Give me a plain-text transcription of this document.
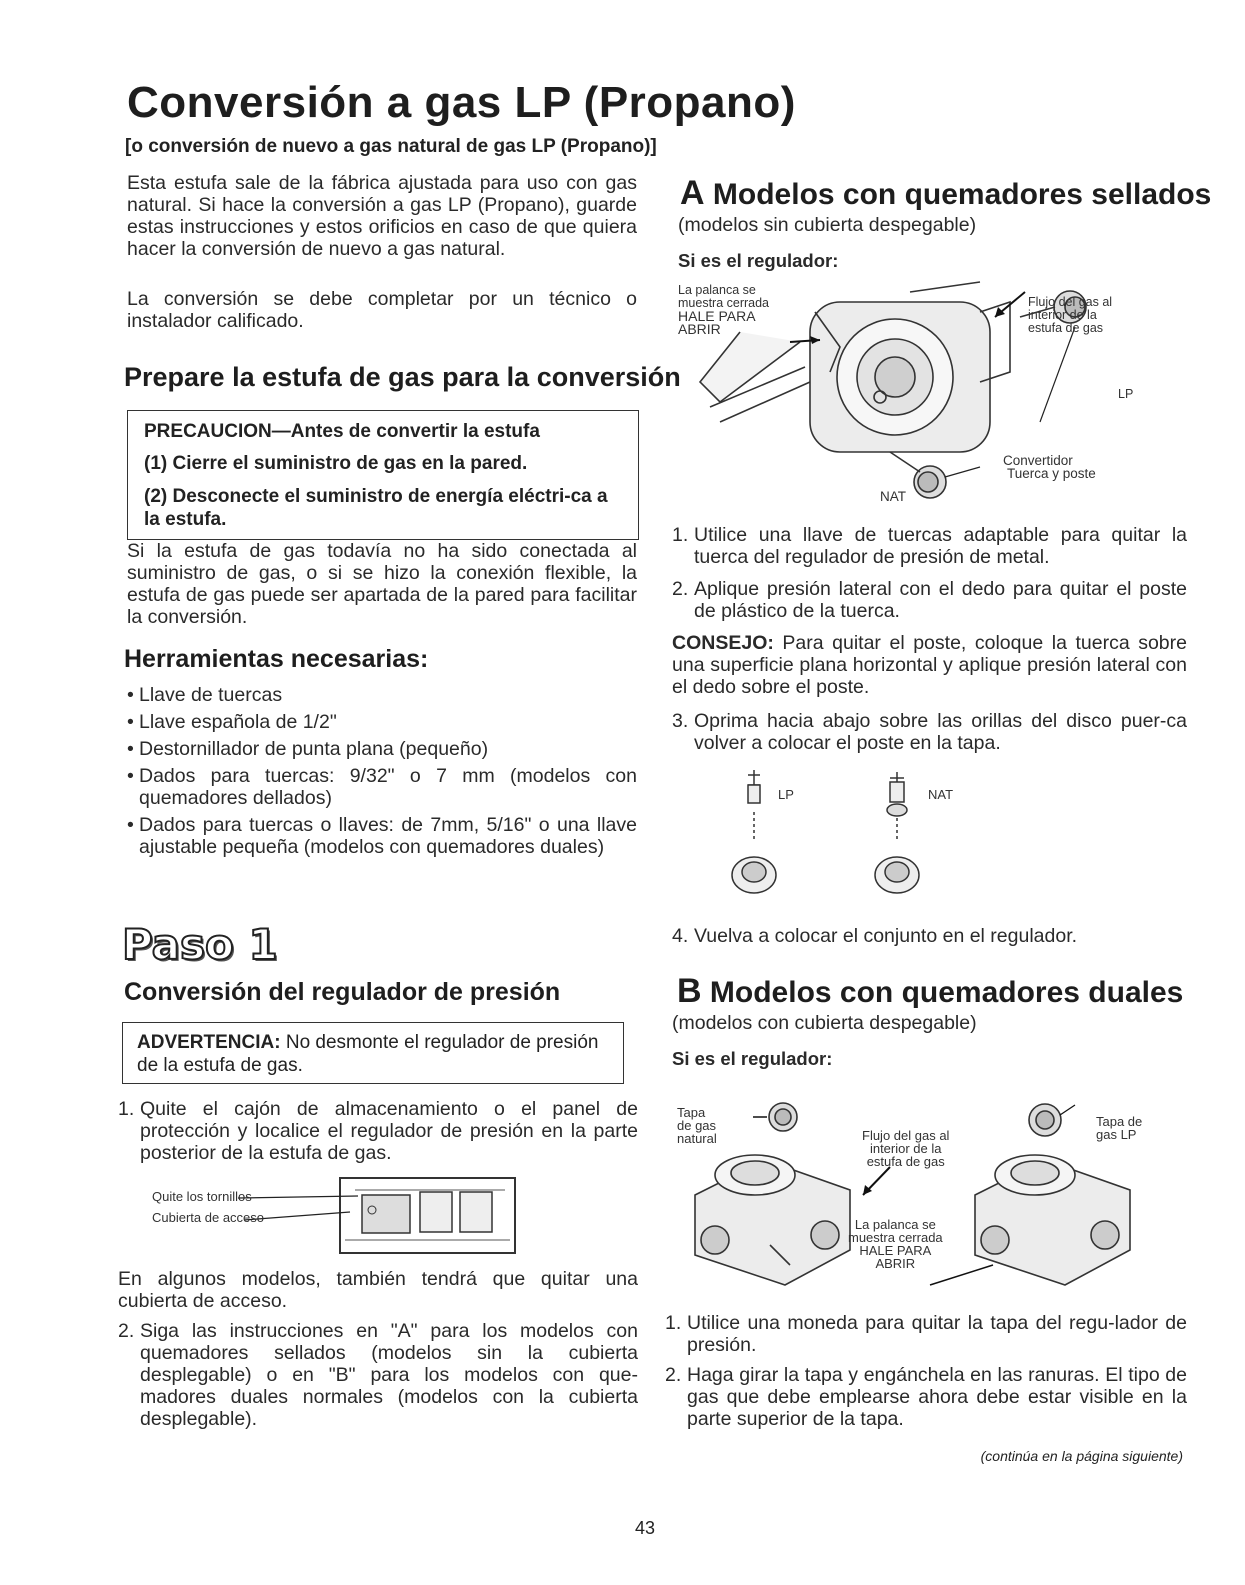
Conversión a gas LP (Propano)
[o conversión de nuevo a gas natural de gas LP (Propano)]
Esta estufa sale de la fábrica ajustada para uso con gas natural. Si hace la conversión a gas LP (Propano), guarde estas instrucciones y estos orificios en caso de que quiera hacer la conversión de nuevo a gas natural.
La conversión se debe completar por un técnico o instalador calificado.
Prepare la estufa de gas para la conversión
PRECAUCION—Antes de convertir la estufa
(1) Cierre el suministro de gas en la pared.
(2) Desconecte el suministro de energía eléctri-ca a la estufa.
Si la estufa de gas todavía no ha sido conectada al suministro de gas, o si se hizo la conexión flexible, la estufa de gas puede ser apartada de la pared para facilitar la conversión.
Herramientas necesarias:
• Llave de tuercas
• Llave española de 1/2"
• Destornillador de punta plana (pequeño)
• Dados para tuercas: 9/32" o 7 mm (modelos con quemadores dellados)
• Dados para tuercas o llaves: de 7mm, 5/16" o una llave ajustable pequeña (modelos con quemadores duales)
Paso 1
Conversión del regulador de presión
ADVERTENCIA: No desmonte el regulador de presión de la estufa de gas.
1. Quite el cajón de almacenamiento o el panel de protección y localice el regulador de presión en la parte posterior de la estufa de gas.
Quite los tornillos
Cubierta de acceso
En algunos modelos, también tendrá que quitar una cubierta de acceso.
2. Siga las instrucciones en "A" para los modelos con quemadores sellados (modelos sin la cubierta desplegable) o en "B" para los modelos con que-madores duales normales (modelos con la cubierta desplegable).
A Modelos con quemadores sellados
(modelos sin cubierta despegable)
Si es el regulador:
La palanca se
muestra cerrada
HALE PARA
ABRIR
Flujo del gas al
interior de la
estufa de gas
LP
Convertidor
Tuerca y poste
NAT
1. Utilice una llave de tuercas adaptable para quitar la tuerca del regulador de presión de metal.
2. Aplique presión lateral con el dedo para quitar el poste de plástico de la tuerca.
CONSEJO: Para quitar el poste, coloque la tuerca sobre una superficie plana horizontal y aplique presión lateral con el dedo sobre el poste.
3. Oprima hacia abajo sobre las orillas del disco puer-ca volver a colocar el poste en la tapa.
LP	NAT
4. Vuelva a colocar el conjunto en el regulador.
B Modelos con quemadores duales
(modelos con cubierta despegable)
Si es el regulador:
Tapa
de gas
natural	Flujo del gas al
interior de la
estufa de gas
Tapa de
gas LP
La palanca se
muestra cerrada
HALE PARA
ABRIR
1. Utilice una moneda para quitar la tapa del regu-lador de presión.
2. Haga girar la tapa y engánchela en las ranuras. El tipo de gas que debe emplearse ahora debe estar visible en la parte superior de la tapa.
(continúa en la página siguiente)
43
